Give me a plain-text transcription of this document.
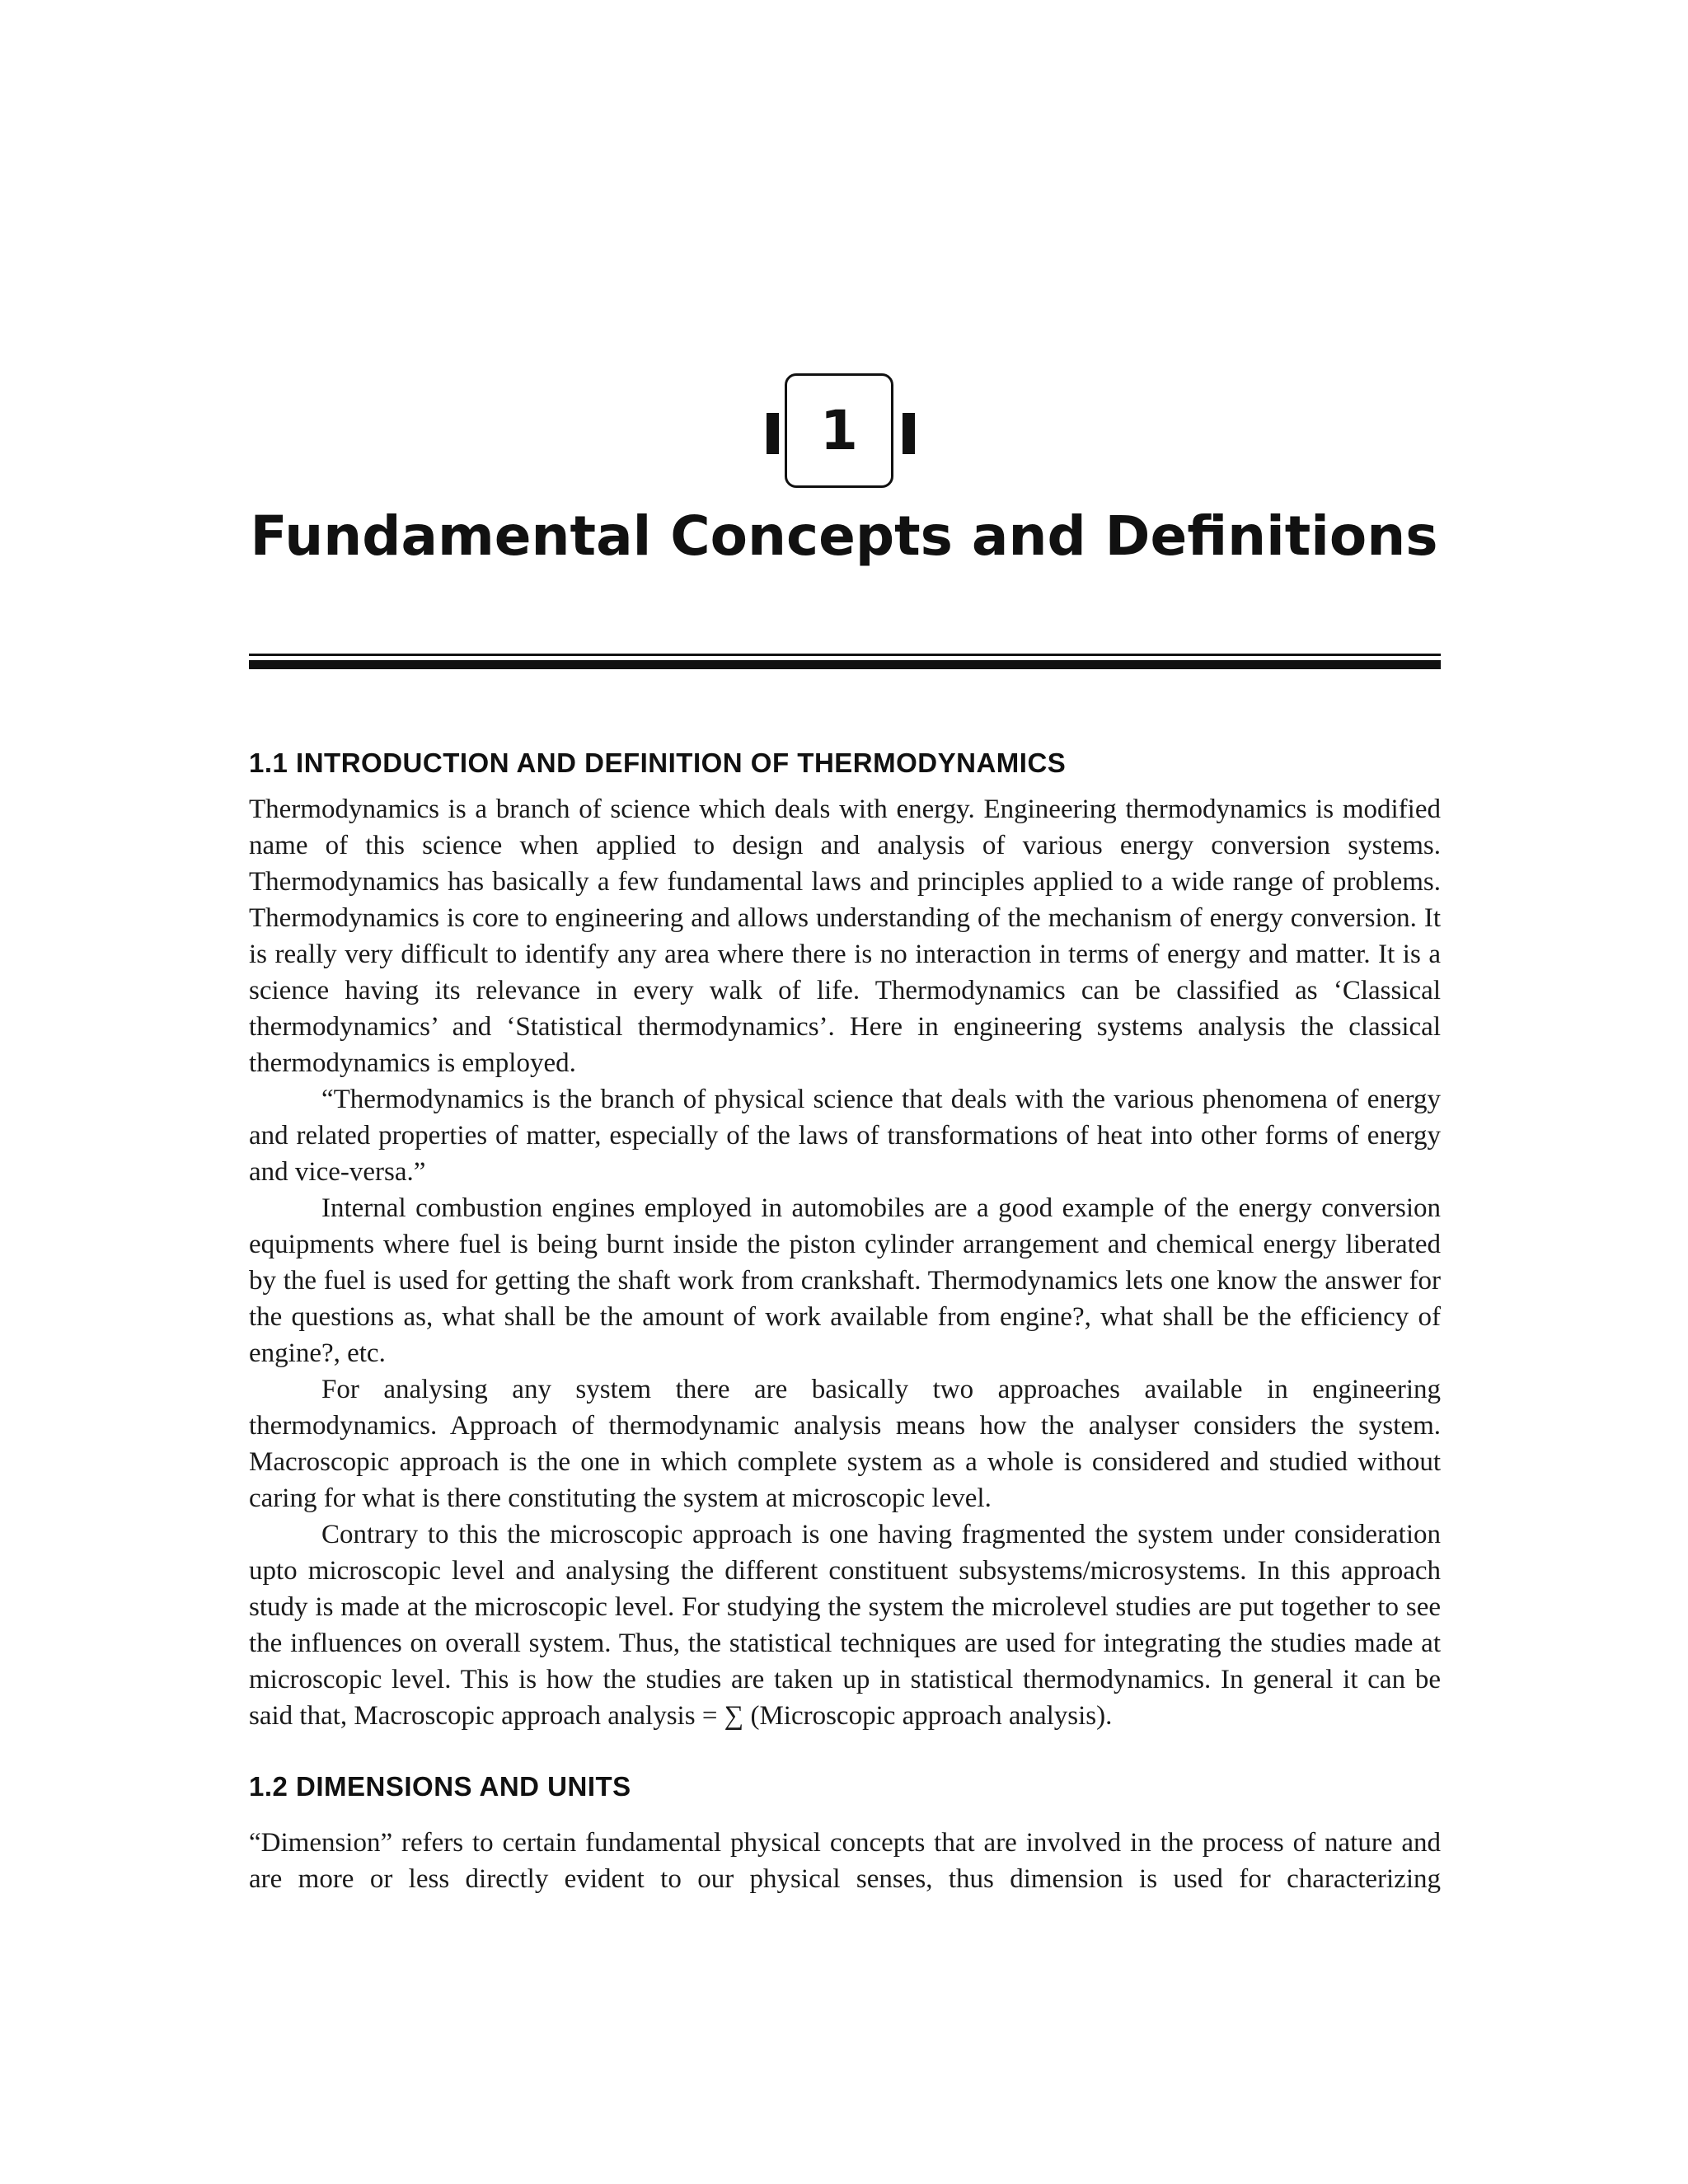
1
Fundamental Concepts and Definitions
1.1 INTRODUCTION AND DEFINITION OF THERMODYNAMICS

Thermodynamics is a branch of science which deals with energy. Engineering thermodynamics is modified name of this science when applied to design and analysis of various energy conversion systems. Thermodynamics has basically a few fundamental laws and principles applied to a wide range of problems. Thermodynamics is core to engineering and allows understanding of the mechanism of energy conversion. It is really very difficult to identify any area where there is no interaction in terms of energy and matter. It is a science having its relevance in every walk of life. Thermodynamics can be classified as ‘Classical thermodynamics’ and ‘Statistical thermodynamics’. Here in engineering systems analysis the classical thermodynamics is employed.

“Thermodynamics is the branch of physical science that deals with the various phenomena of energy and related properties of matter, especially of the laws of transformations of heat into other forms of energy and vice-versa.”

Internal combustion engines employed in automobiles are a good example of the energy conversion equipments where fuel is being burnt inside the piston cylinder arrangement and chemical energy liberated by the fuel is used for getting the shaft work from crankshaft. Thermodynamics lets one know the answer for the questions as, what shall be the amount of work available from engine?, what shall be the efficiency of engine?, etc.

For analysing any system there are basically two approaches available in engineering thermodynamics. Approach of thermodynamic analysis means how the analyser considers the system. Macroscopic approach is the one in which complete system as a whole is considered and studied without caring for what is there constituting the system at microscopic level.

Contrary to this the microscopic approach is one having fragmented the system under consideration upto microscopic level and analysing the different constituent subsystems/microsystems. In this approach study is made at the microscopic level. For studying the system the microlevel studies are put together to see the influences on overall system. Thus, the statistical techniques are used for integrating the studies made at microscopic level. This is how the studies are taken up in statistical thermodynamics. In general it can be said that, Macroscopic approach analysis = ∑ (Microscopic approach analysis).

1.2 DIMENSIONS AND UNITS

“Dimension” refers to certain fundamental physical concepts that are involved in the process of nature and are more or less directly evident to our physical senses, thus dimension is used for characterizing
